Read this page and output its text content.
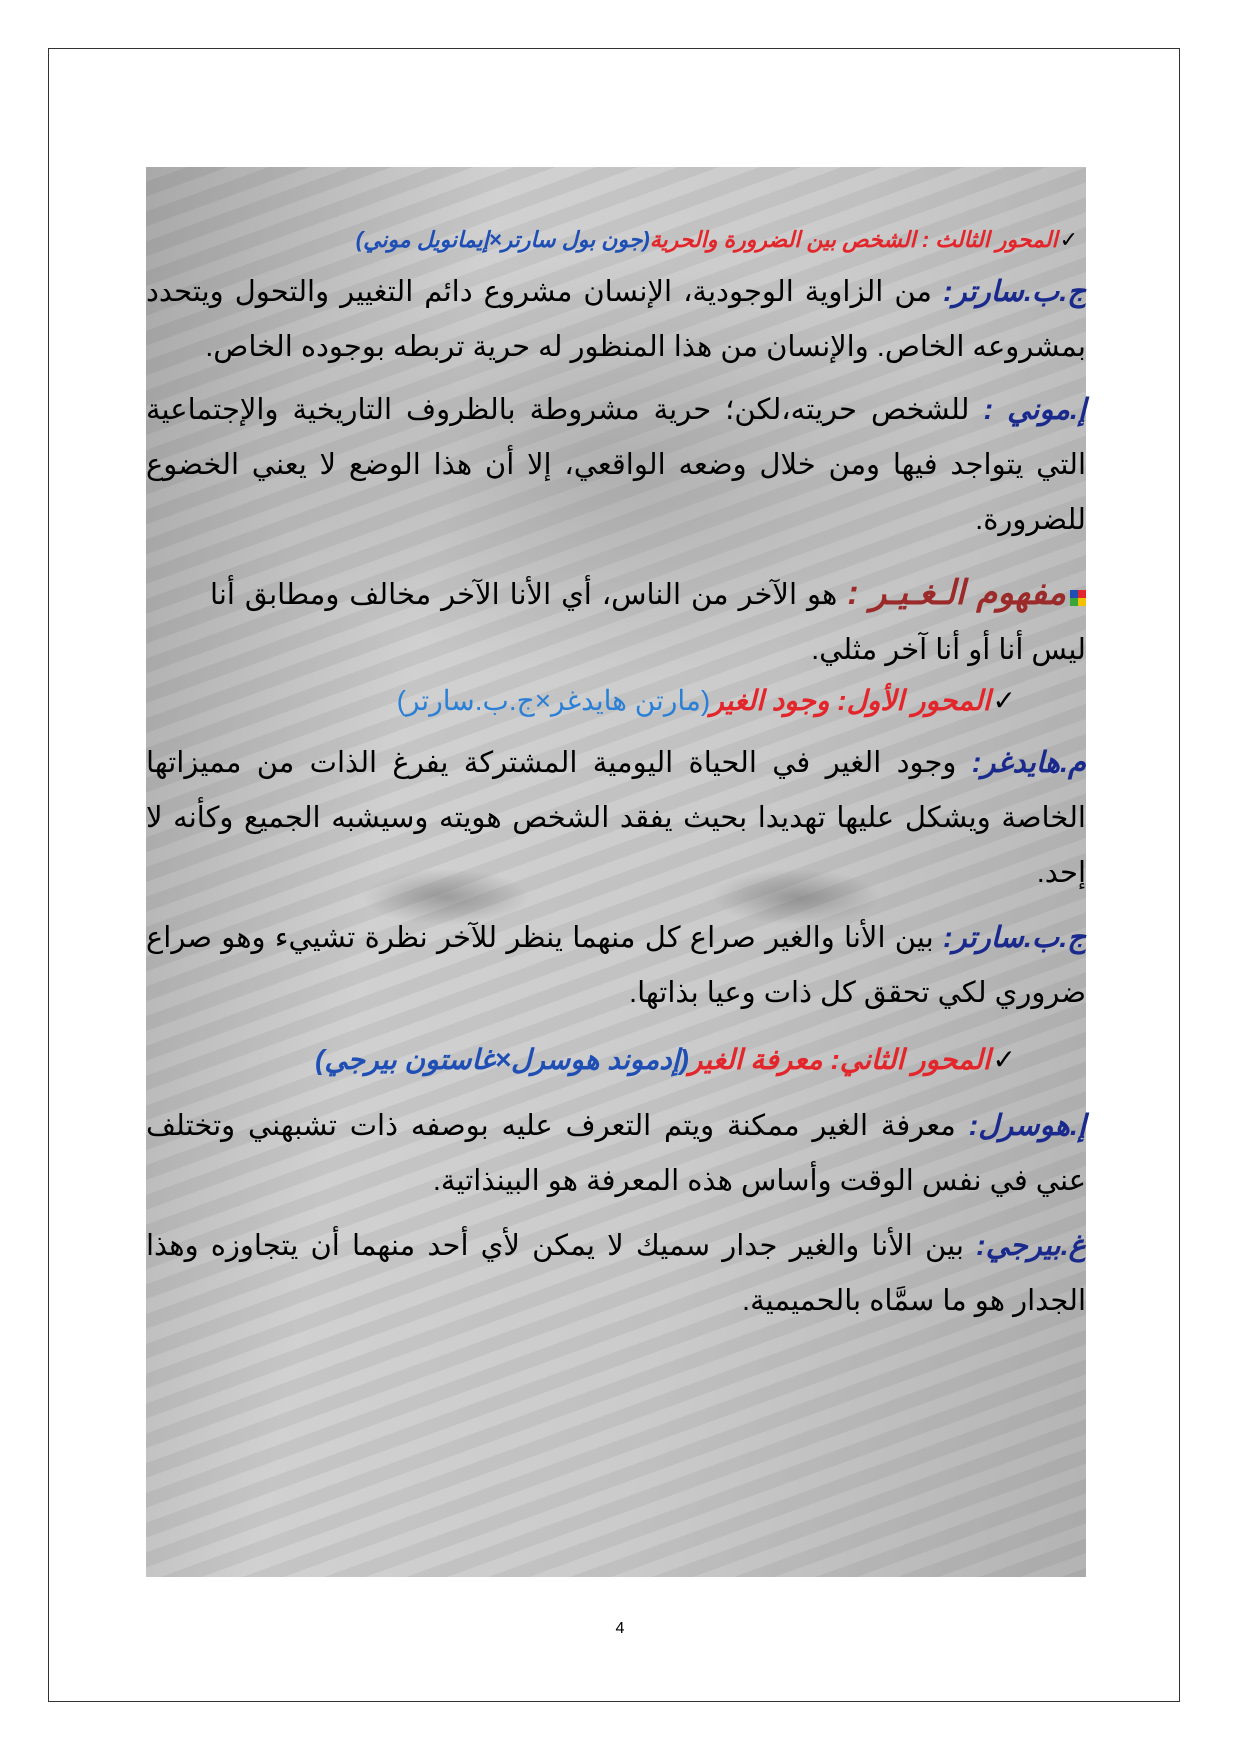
✓المحور الثالث : الشخص بين الضرورة والحرية(جون بول سارتر×إيمانويل موني)

ج.ب.سارتر: من الزاوية الوجودية، الإنسان مشروع دائم التغيير والتحول ويتحدد بمشروعه الخاص. والإنسان من هذا المنظور له حرية تربطه بوجوده الخاص.

إ.موني : للشخص حريته،لكن؛ حرية مشروطة بالظروف التاريخية والإجتماعية التي يتواجد فيها ومن خلال وضعه الواقعي، إلا أن هذا الوضع لا يعني الخضوع للضرورة.

مفهوم الـغـيـر : هو الآخر من الناس، أي الأنا الآخر مخالف ومطابق أنا ليس أنا أو أنا آخر مثلي.

✓المحور الأول: وجود الغير(مارتن هايدغر×ج.ب.سارتر)

م.هايدغر: وجود الغير في الحياة اليومية المشتركة يفرغ الذات من مميزاتها الخاصة ويشكل عليها تهديدا بحيث يفقد الشخص هويته وسيشبه الجميع وكأنه لا إحد.

ج.ب.سارتر: بين الأنا والغير صراع كل منهما ينظر للآخر نظرة تشييء وهو صراع ضروري لكي تحقق كل ذات وعيا بذاتها.

✓المحور الثاني: معرفة الغير(إدموند هوسرل×غاستون بيرجي)

إ.هوسرل: معرفة الغير ممكنة ويتم التعرف عليه بوصفه ذات تشبهني وتختلف عني في نفس الوقت وأساس هذه المعرفة هو البينذاتية.

غ.بيرجي: بين الأنا والغير جدار سميك لا يمكن لأي أحد منهما أن يتجاوزه وهذا الجدار هو ما سمَّاه بالحميمية.

4
